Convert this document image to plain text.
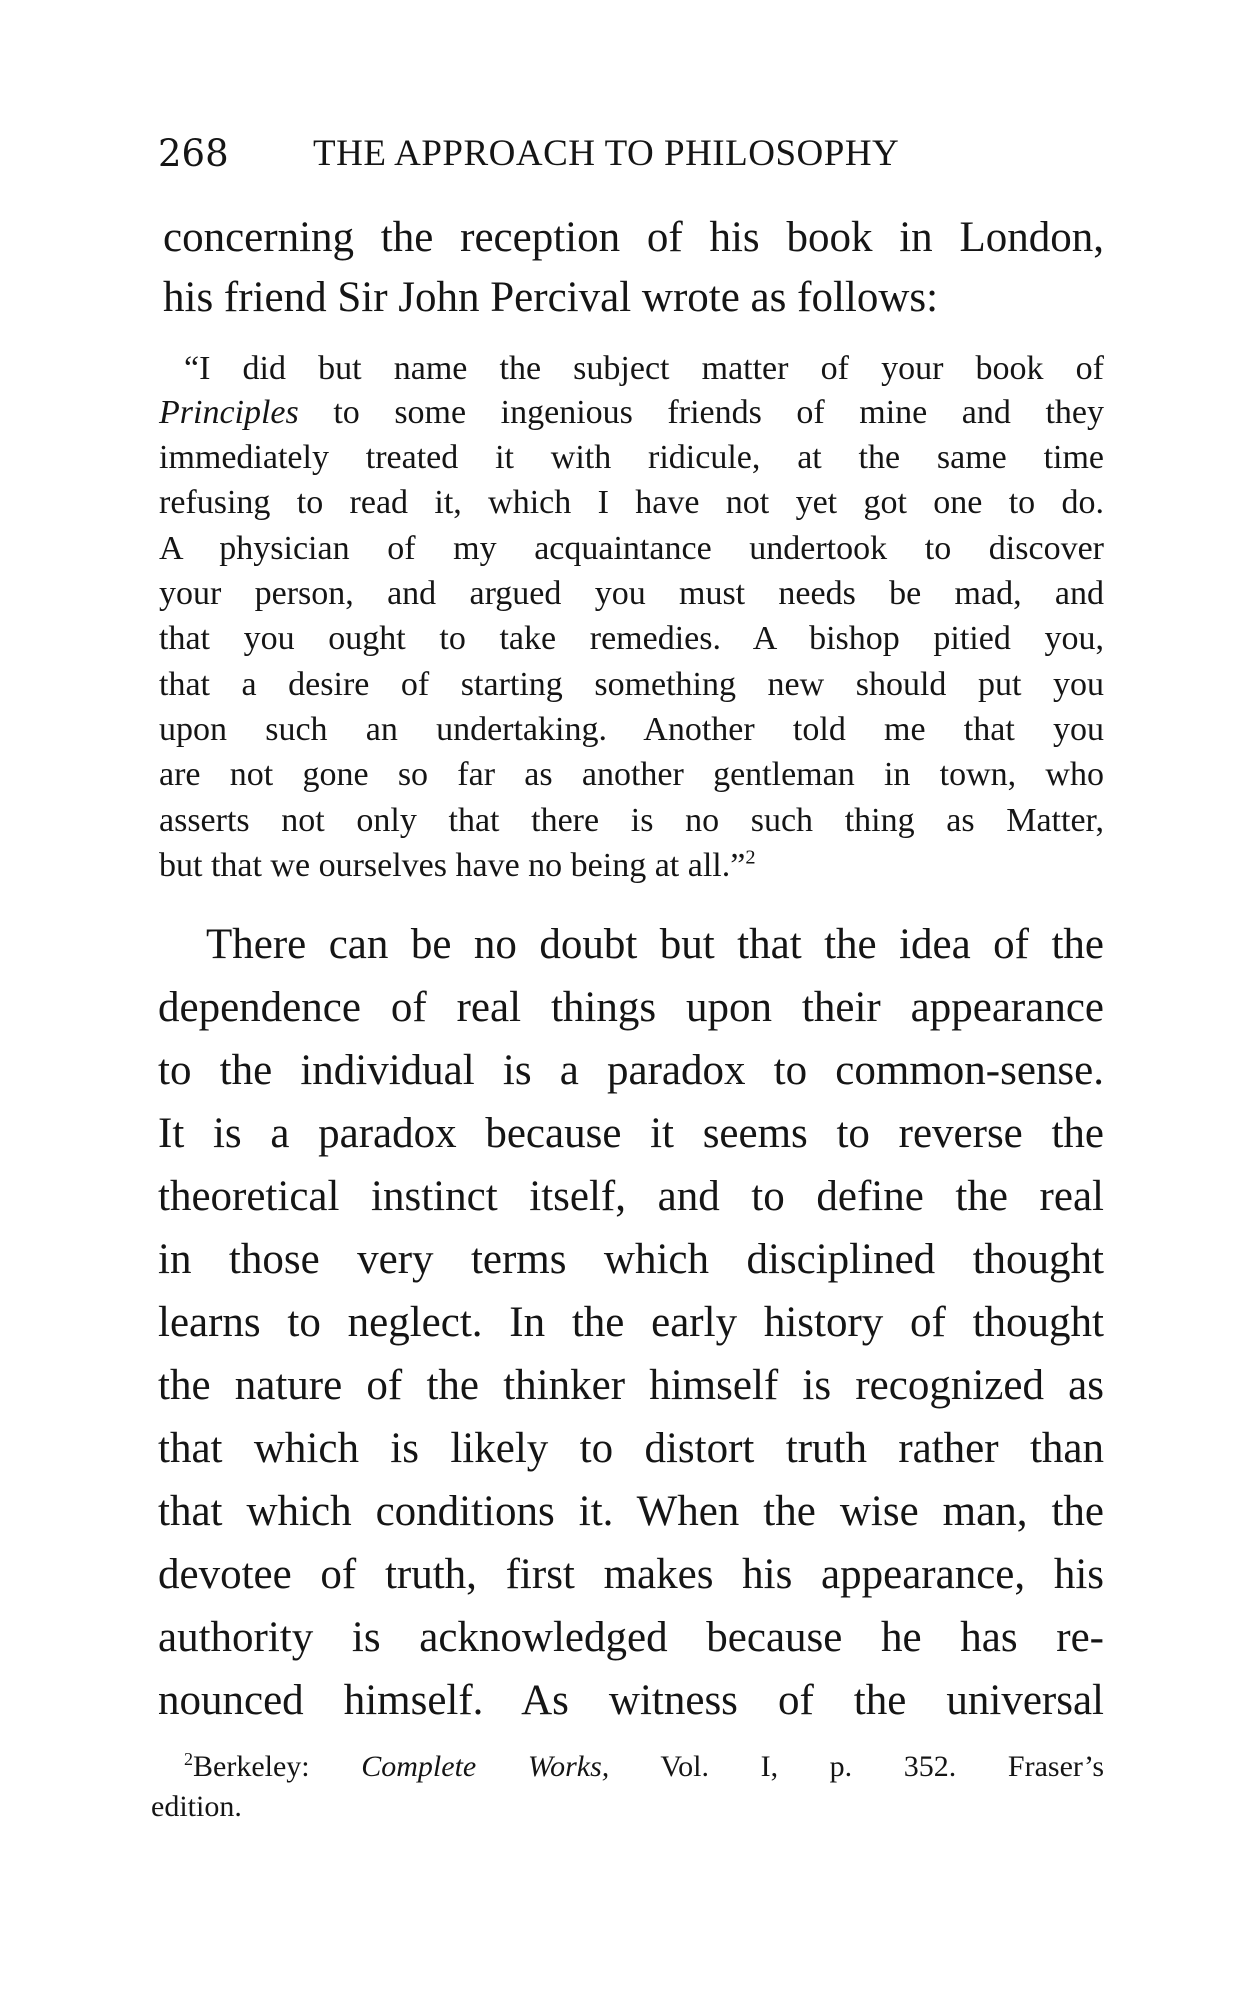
268 THE APPROACH TO PHILOSOPHY

concerning the reception of his book in London,

his friend Sir John Percival wrote as follows:

“I did but name the subject matter of your book of

Principles to some ingenious friends of mine and they

immediately treated it with ridicule, at the same time

refusing to read it, which I have not yet got one to do.

A physician of my acquaintance undertook to discover

your person, and argued you must needs be mad, and

that you ought to take remedies. A bishop pitied you,

that a desire of starting something new should put you

upon such an undertaking. Another told me that you

are not gone so far as another gentleman in town, who

asserts not only that there is no such thing as Matter,

but that we ourselves have no being at all.”$^2$

There can be no doubt but that the idea of the

dependence of real things upon their appearance

to the individual is a paradox to common-sense.

It is a paradox because it seems to reverse the

theoretical instinct itself, and to define the real

in those very terms which disciplined thought

learns to neglect. In the early history of thought

the nature of the thinker himself is recognized as

that which is likely to distort truth rather than

that which conditions it. When the wise man, the

devotee of truth, first makes his appearance, his

authority is acknowledged because he has re-

nounced himself. As witness of the universal

$^2$Berkeley: Complete Works, Vol. I, p. 352. Fraser’s

edition.
